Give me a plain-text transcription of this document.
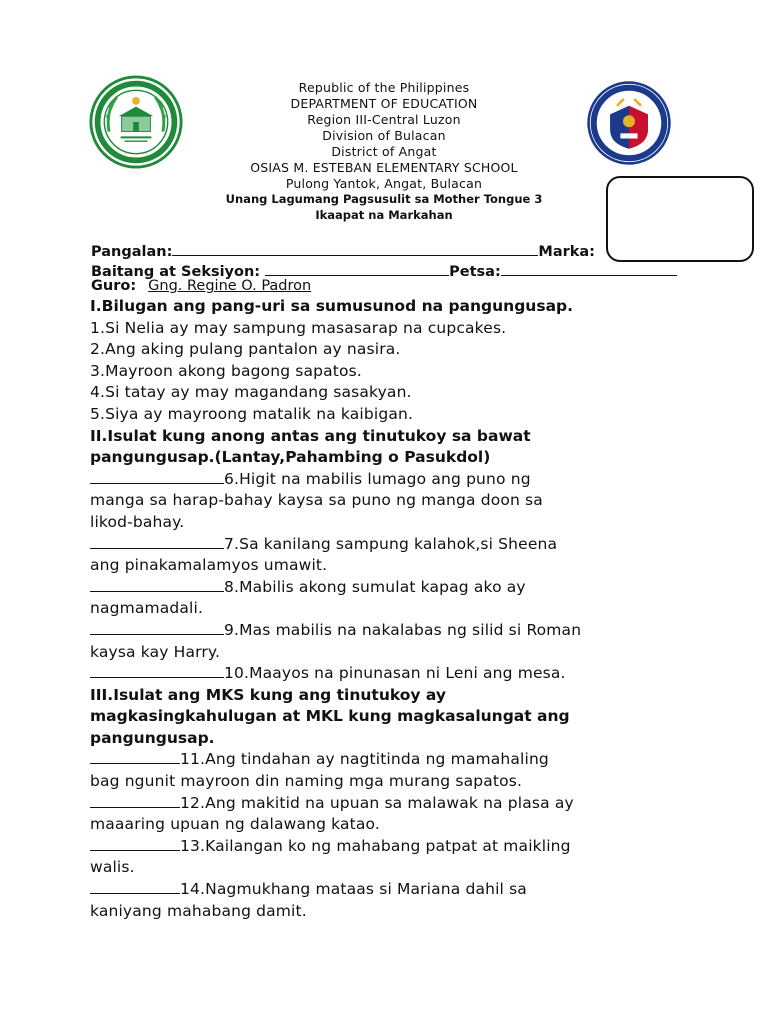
Republic of the Philippines
DEPARTMENT OF EDUCATION
Region III-Central Luzon
Division of Bulacan
District of Angat
OSIAS M. ESTEBAN ELEMENTARY SCHOOL
Pulong Yantok, Angat, Bulacan
Unang Lagumang Pagsusulit sa Mother Tongue 3
Ikaapat na Markahan
Pangalan:	Marka:
Baitang at Seksiyon:	Petsa:
Guro: Gng. Regine O. Padron
I.Bilugan ang pang-uri sa sumusunod na pangungusap.
1.Si Nelia ay may sampung masasarap na cupcakes.
2.Ang aking pulang pantalon ay nasira.
3.Mayroon akong bagong sapatos.
4.Si tatay ay may magandang sasakyan.
5.Siya ay mayroong matalik na kaibigan.
II.Isulat kung anong antas ang tinutukoy sa bawat
pangungusap.(Lantay,Pahambing o Pasukdol)
6.Higit na mabilis lumago ang puno ng
manga sa harap-bahay kaysa sa puno ng manga doon sa
likod-bahay.
7.Sa kanilang sampung kalahok,si Sheena
ang pinakamalamyos umawit.
8.Mabilis akong sumulat kapag ako ay
nagmamadali.
9.Mas mabilis na nakalabas ng silid si Roman
kaysa kay Harry.
10.Maayos na pinunasan ni Leni ang mesa.
III.Isulat ang MKS kung ang tinutukoy ay
magkasingkahulugan at MKL kung magkasalungat ang
pangungusap.
11.Ang tindahan ay nagtitinda ng mamahaling
bag ngunit mayroon din naming mga murang sapatos.
12.Ang makitid na upuan sa malawak na plasa ay
maaaring upuan ng dalawang katao.
13.Kailangan ko ng mahabang patpat at maikling
walis.
14.Nagmukhang mataas si Mariana dahil sa
kaniyang mahabang damit.
